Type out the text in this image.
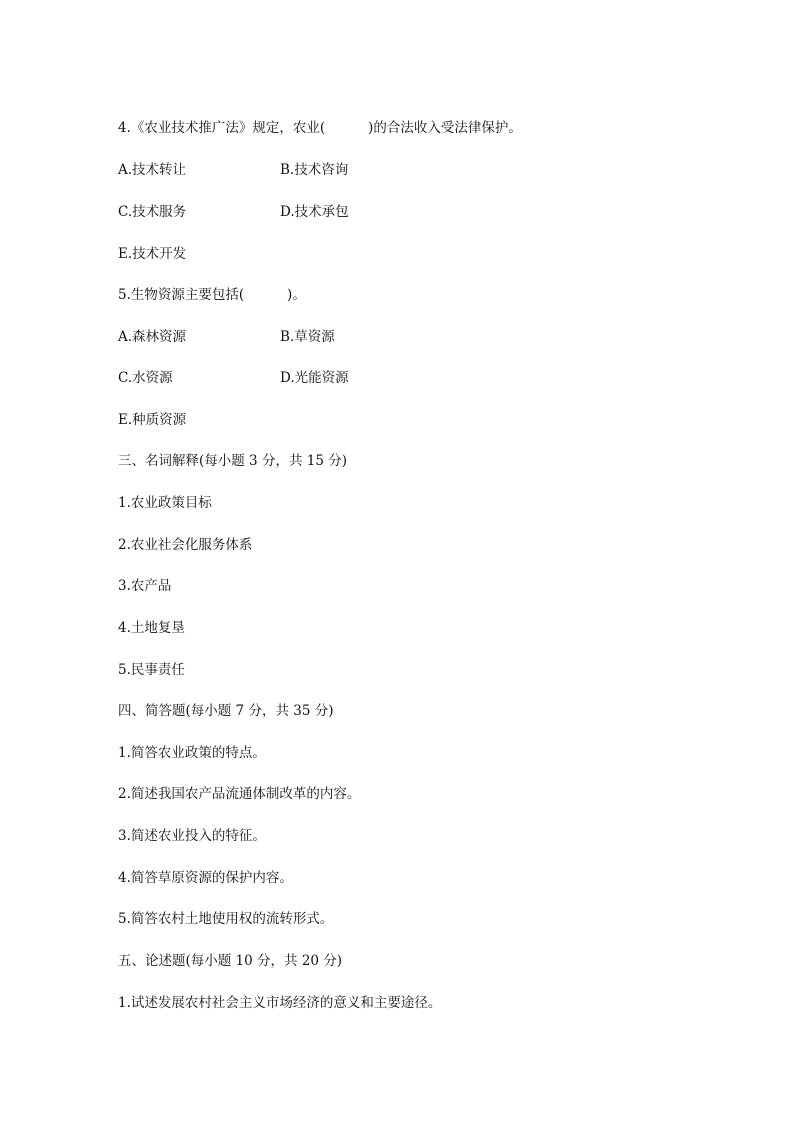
4.《农业技术推广法》规定，农业(          )的合法收入受法律保护。
A.技术转让	B.技术咨询
C.技术服务	D.技术承包
E.技术开发
5.生物资源主要包括(          )。
A.森林资源	B.草资源
C.水资源	D.光能资源
E.种质资源
三、名词解释(每小题 3 分，共 15 分)
1.农业政策目标
2.农业社会化服务体系
3.农产品
4.土地复垦
5.民事责任
四、简答题(每小题 7 分，共 35 分)
1.简答农业政策的特点。
2.简述我国农产品流通体制改革的内容。
3.简述农业投入的特征。
4.简答草原资源的保护内容。
5.简答农村土地使用权的流转形式。
五、论述题(每小题 10 分，共 20 分)
1.试述发展农村社会主义市场经济的意义和主要途径。
